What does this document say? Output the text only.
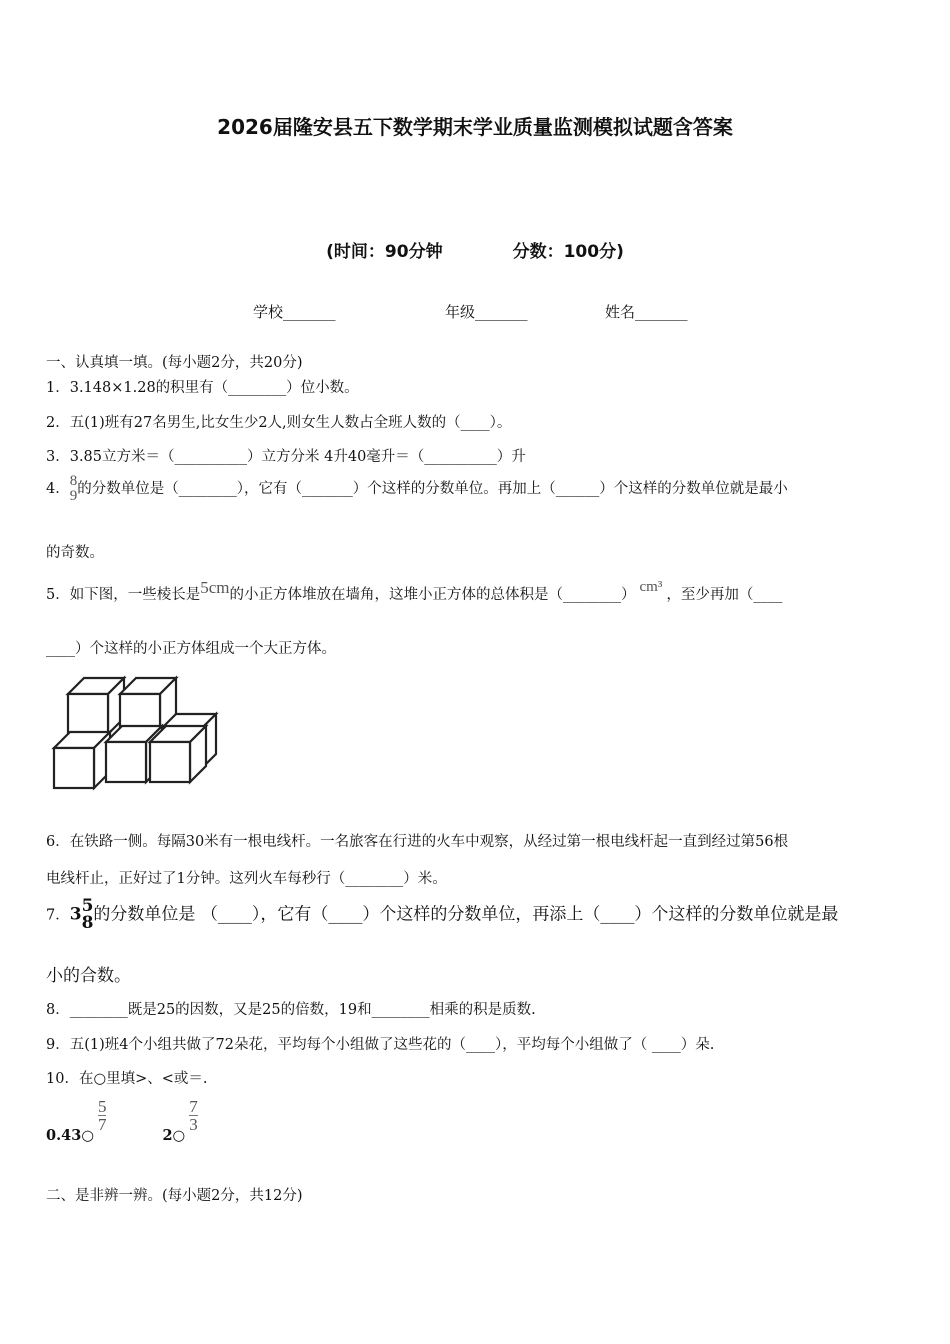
2026届隆安县五下数学期末学业质量监测模拟试题含答案
(时间：90分钟	分数：100分)
学校_______	年级_______	姓名_______
一、认真填一填。(每小题2分，共20分)
1．3.148×1.28的积里有（________）位小数。
2．五(1)班有27名男生,比女生少2人,则女生人数占全班人数的（____）。
3．3.85立方米＝（__________）立方分米 4升40毫升＝（__________）升
4． 8
9 的分数单位是（________），它有（_______）个这样的分数单位。再加上（______）个这样的分数单位就是最小
的奇数。
5．如下图，一些棱长是5cm的小正方体堆放在墙角，这堆小正方体的总体积是（________） cm³ ，至少再加（____
____）个这样的小正方体组成一个大正方体。
6．在铁路一侧。每隔30米有一根电线杆。一名旅客在行进的火车中观察，从经过第一根电线杆起一直到经过第56根
电线杆止，正好过了1分钟。这列火车每秒行（________）米。
7．3 5
8 的分数单位是 （____），它有（____）个这样的分数单位，再添上（____）个这样的分数单位就是最
小的合数。
8．________既是25的因数，又是25的倍数，19和________相乘的积是质数.
9．五(1)班4个小组共做了72朵花，平均每个小组做了这些花的（____），平均每个小组做了（ ____）朵.
10．在○里填>、<或＝.
0.43○
$\frac{5}{7}$
2○
$\frac{7}{3}$
二、是非辨一辨。(每小题2分，共12分)
